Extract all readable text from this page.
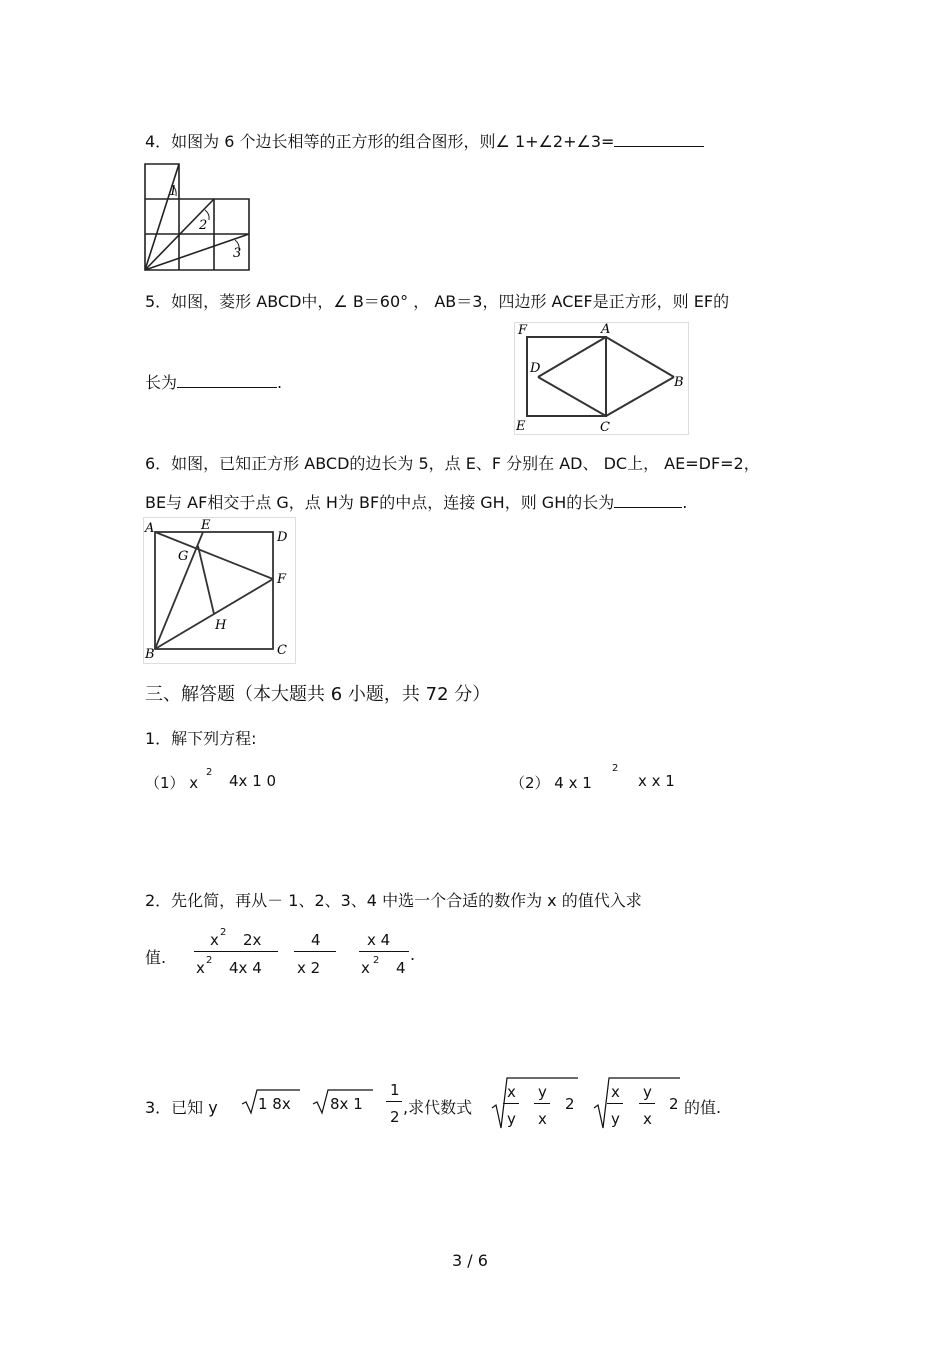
4．如图为 6 个边长相等的正方形的组合图形，则∠ 1+∠2+∠3=
1
2
3
5．如图，菱形 ABCD中，∠ B＝60° ， AB＝3，四边形 ACEF是正方形，则 EF的
长为	.
F	A
D
B
E	C
6．如图，已知正方形 ABCD的边长为 5，点 E、F 分别在 AD、 DC上， AE=DF=2，
BE与 AF相交于点 G，点 H为 BF的中点，连接 GH，则 GH的长为	.
A	E
D
G
F
H
B	C
三、解答题（本大题共 6 小题，共 72 分）
1．解下列方程:
（1） x
2 4x 1 0	（2） 4 x 1
2
x x 1
2．先化简，再从－ 1、2、3、4 中选一个合适的数作为 x 的值代入求
值.
x 2 2x
x 2 4x 4
4
x 2
x 4
x 2 4
.
3．已知 y	1 8x	8x 1
1
2 ,求代数式
x
y
y
x
2
x
y
y
x
2 的值.
3 / 6
